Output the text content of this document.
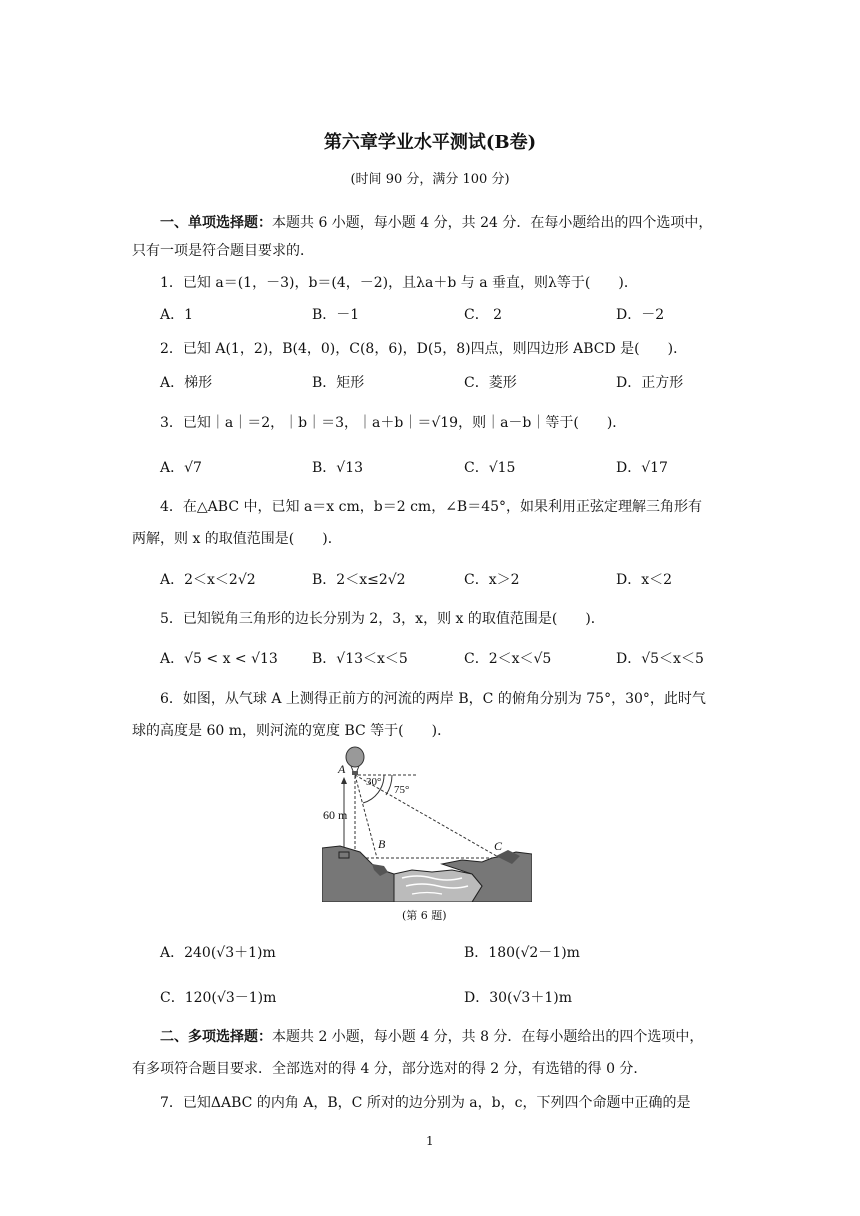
第六章学业水平测试(B卷)
(时间 90 分，满分 100 分)
一、单项选择题：本题共 6 小题，每小题 4 分，共 24 分．在每小题给出的四个选项中，
只有一项是符合题目要求的．
1．已知 a＝(1，－3)，b＝(4，－2)，且λa＋b 与 a 垂直，则λ等于(　　)．
A．1	B．－1	C． 2	D．－2
2．已知 A(1，2)，B(4，0)，C(8，6)，D(5，8)四点，则四边形 ABCD 是(　　)．
A．梯形	B．矩形	C．菱形	D．正方形
3．已知｜a｜＝2，｜b｜＝3，｜a＋b｜＝√19，则｜a－b｜等于(　　)．
A．√7	B．√13	C．√15	D．√17
4．在△ABC 中，已知 a＝x cm，b＝2 cm，∠B＝45°，如果利用正弦定理解三角形有
两解，则 x 的取值范围是(　　)．
A．2＜x＜2√2	B．2＜x≤2√2	C．x＞2	D．x＜2
5．已知锐角三角形的边长分别为 2，3，x，则 x 的取值范围是(　　)．
A．√5 < x < √13 B．√13＜x＜5	C．2＜x＜√5	D．√5＜x＜5
6．如图，从气球 A 上测得正前方的河流的两岸 B，C 的俯角分别为 75°，30°，此时气
球的高度是 60 m，则河流的宽度 BC 等于(　　)．
A
B	C
30°
75°
60 m
(第 6 题)
A．240(√3＋1)m	B．180(√2－1)m
C．120(√3－1)m	D．30(√3＋1)m
二、多项选择题：本题共 2 小题，每小题 4 分，共 8 分．在每小题给出的四个选项中，
有多项符合题目要求．全部选对的得 4 分，部分选对的得 2 分，有选错的得 0 分．
7．已知ΔABC 的内角 A，B，C 所对的边分别为 a，b，c，下列四个命题中正确的是
1
